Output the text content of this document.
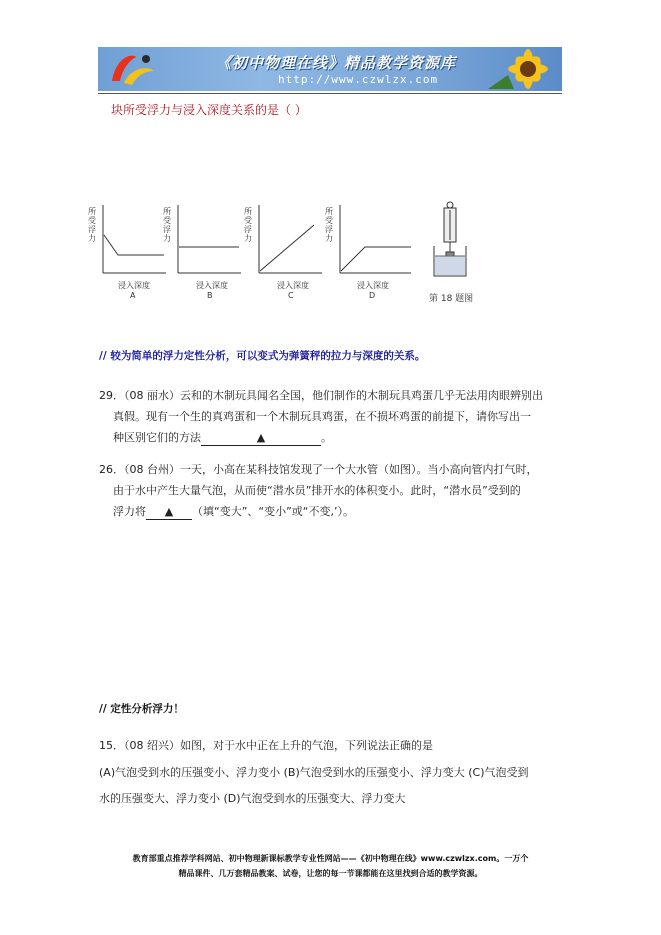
《初中物理在线》精品教学资源库
http://www.czwlzx.com
块所受浮力与浸入深度关系的是（ ）
所受浮力
浸入深度
A
所受浮力
浸入深度
B
所受浮力
浸入深度
C
所受浮力
浸入深度
D	第 18 题图
// 较为简单的浮力定性分析，可以变式为弹簧秤的拉力与深度的关系。
29．（08 丽水）云和的木制玩具闻名全国，他们制作的木制玩具鸡蛋几乎无法用肉眼辨别出
真假。现有一个生的真鸡蛋和一个木制玩具鸡蛋，在不损坏鸡蛋的前提下，请你写出一
种区别它们的方法	▲	。
26．（08 台州）一天，小高在某科技馆发现了一个大水管（如图）。当小高向管内打气时，
由于水中产生大量气泡，从而使“潜水员”排开水的体积变小。此时，“潜水员”受到的
浮力将 ▲ （填“变大”、“变小”或“不变,’）。
// 定性分析浮力！
15．（08 绍兴）如图，对于水中正在上升的气泡，下列说法正确的是
(A)气泡受到水的压强变小、浮力变小 (B)气泡受到水的压强变小、浮力变大 (C)气泡受到
水的压强变大、浮力变小 (D)气泡受到水的压强变大、浮力变大
教育部重点推荐学科网站、初中物理新课标教学专业性网站——《初中物理在线》www.czwlzx.com。一万个
精品课件、几万套精品教案、试卷，让您的每一节课都能在这里找到合适的教学资源。
